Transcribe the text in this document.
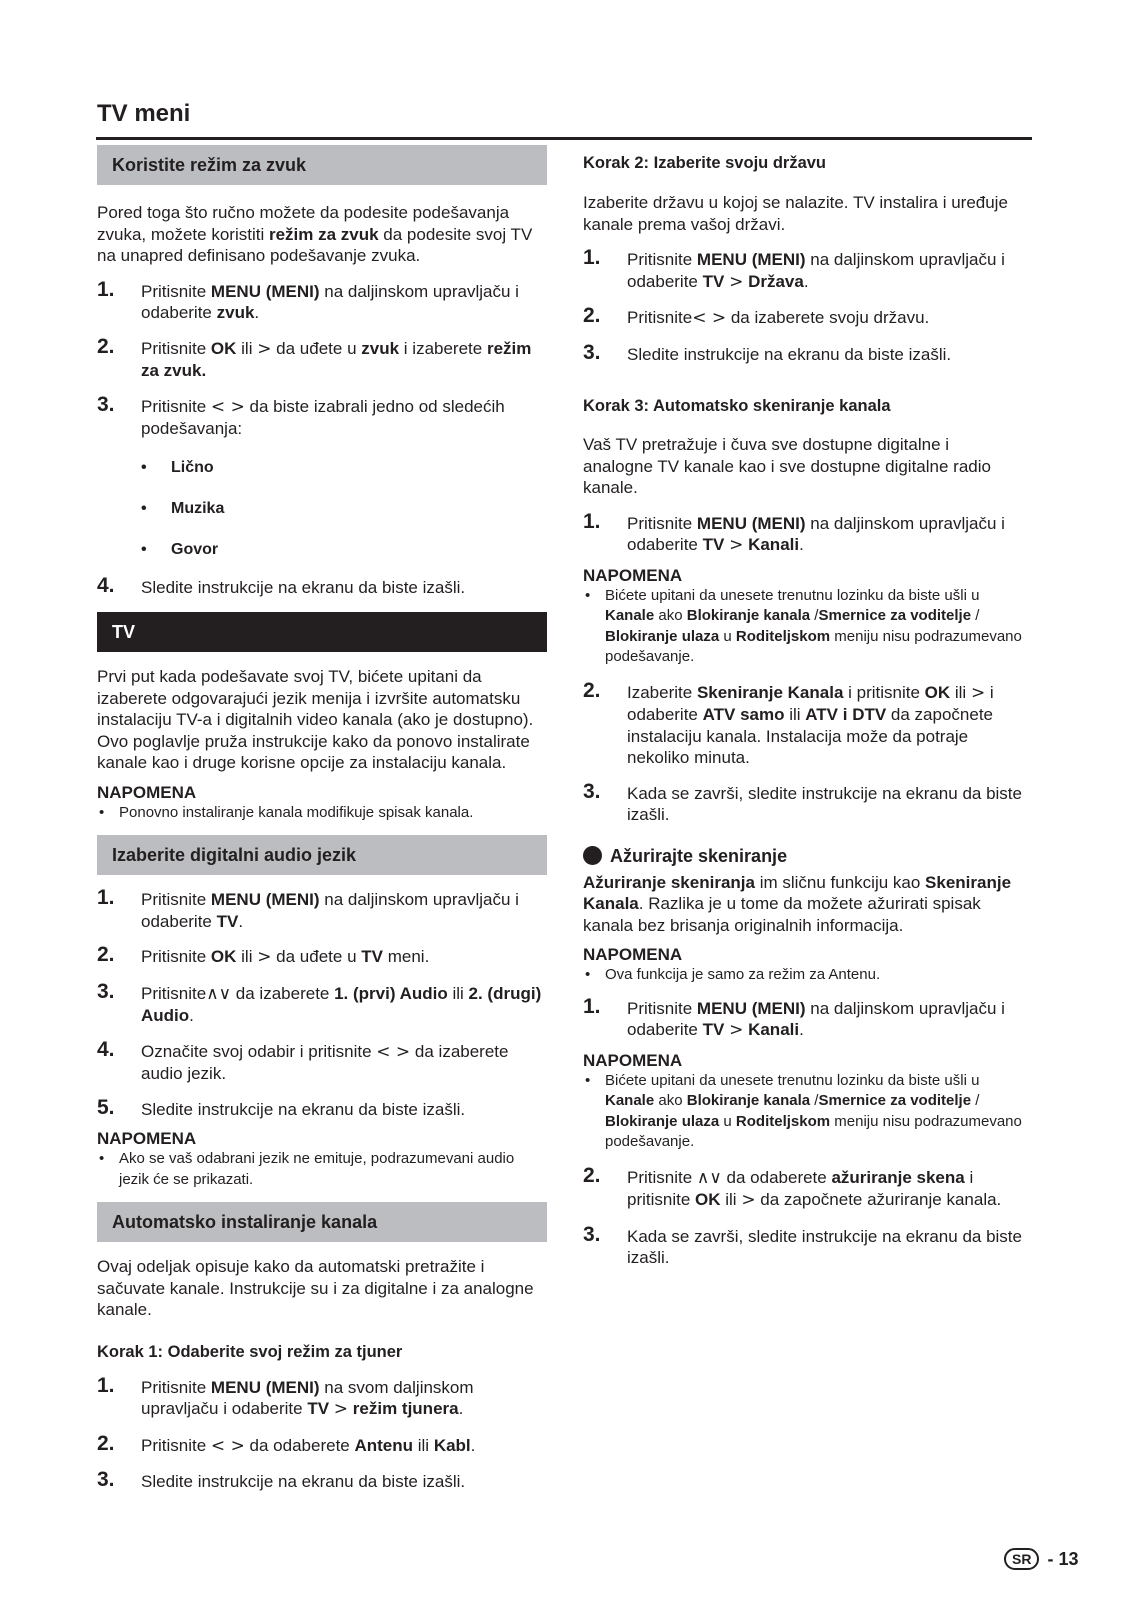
TV meni
Koristite režim za zvuk

Pored toga što ručno možete da podesite podešavanja zvuka, možete koristiti režim za zvuk da podesite svoj TV na unapred definisano podešavanje zvuka.

1. Pritisnite MENU (MENI) na daljinskom upravljaču i odaberite zvuk.
2. Pritisnite OK ili > da uđete u zvuk i izaberete režim za zvuk.
3. Pritisnite < > da biste izabrali jedno od sledećih podešavanja:
• Lično
• Muzika
• Govor
4. Sledite instrukcije na ekranu da biste izašli.
TV

Prvi put kada podešavate svoj TV, bićete upitani da izaberete odgovarajući jezik menija i izvršite automatsku instalaciju TV-a i digitalnih video kanala (ako je dostupno).
Ovo poglavlje pruža instrukcije kako da ponovo instalirate kanale kao i druge korisne opcije za instalaciju kanala.

NAPOMENA
• Ponovno instaliranje kanala modifikuje spisak kanala.
Izaberite digitalni audio jezik
1. Pritisnite MENU (MENI) na daljinskom upravljaču i odaberite TV.
2. Pritisnite OK ili > da uđete u TV meni.
3. Pritisnite∧∨ da izaberete 1. (prvi) Audio ili 2. (drugi) Audio.
4. Označite svoj odabir i pritisnite < > da izaberete audio jezik.
5. Sledite instrukcije na ekranu da biste izašli.
NAPOMENA
• Ako se vaš odabrani jezik ne emituje, podrazumevani audio jezik će se prikazati.
Automatsko instaliranje kanala

Ovaj odeljak opisuje kako da automatski pretražite i sačuvate kanale. Instrukcije su i za digitalne i za analogne kanale.

Korak 1: Odaberite svoj režim za tjuner
1. Pritisnite MENU (MENI) na svom daljinskom upravljaču i odaberite TV > režim tjunera.
2. Pritisnite < > da odaberete Antenu ili Kabl.
3. Sledite instrukcije na ekranu da biste izašli.
Korak 2: Izaberite svoju državu

Izaberite državu u kojoj se nalazite. TV instalira i uređuje kanale prema vašoj državi.

1. Pritisnite MENU (MENI) na daljinskom upravljaču i odaberite TV > Država.
2. Pritisnite< > da izaberete svoju državu.
3. Sledite instrukcije na ekranu da biste izašli.
Korak 3: Automatsko skeniranje kanala

Vaš TV pretražuje i čuva sve dostupne digitalne i analogne TV kanale kao i sve dostupne digitalne radio kanale.

1. Pritisnite MENU (MENI) na daljinskom upravljaču i odaberite TV > Kanali.
NAPOMENA
• Bićete upitani da unesete trenutnu lozinku da biste ušli u Kanale ako Blokiranje kanala /Smernice za voditelje / Blokiranje ulaza u Roditeljskom meniju nisu podrazumevano podešavanje.
2. Izaberite Skeniranje Kanala i pritisnite OK ili > i odaberite ATV samo ili ATV i DTV da započnete instalaciju kanala. Instalacija može da potraje nekoliko minuta.
3. Kada se završi, sledite instrukcije na ekranu da biste izašli.
Ažurirajte skeniranje

Ažuriranje skeniranja im sličnu funkciju kao Skeniranje Kanala. Razlika je u tome da možete ažurirati spisak kanala bez brisanja originalnih informacija.

NAPOMENA
• Ova funkcija je samo za režim za Antenu.
1. Pritisnite MENU (MENI) na daljinskom upravljaču i odaberite TV > Kanali.
NAPOMENA
• Bićete upitani da unesete trenutnu lozinku da biste ušli u Kanale ako Blokiranje kanala /Smernice za voditelje / Blokiranje ulaza u Roditeljskom meniju nisu podrazumevano podešavanje.
2. Pritisnite ∧∨ da odaberete ažuriranje skena i pritisnite OK ili > da započnete ažuriranje kanala.
3. Kada se završi, sledite instrukcije na ekranu da biste izašli.
SR - 13
